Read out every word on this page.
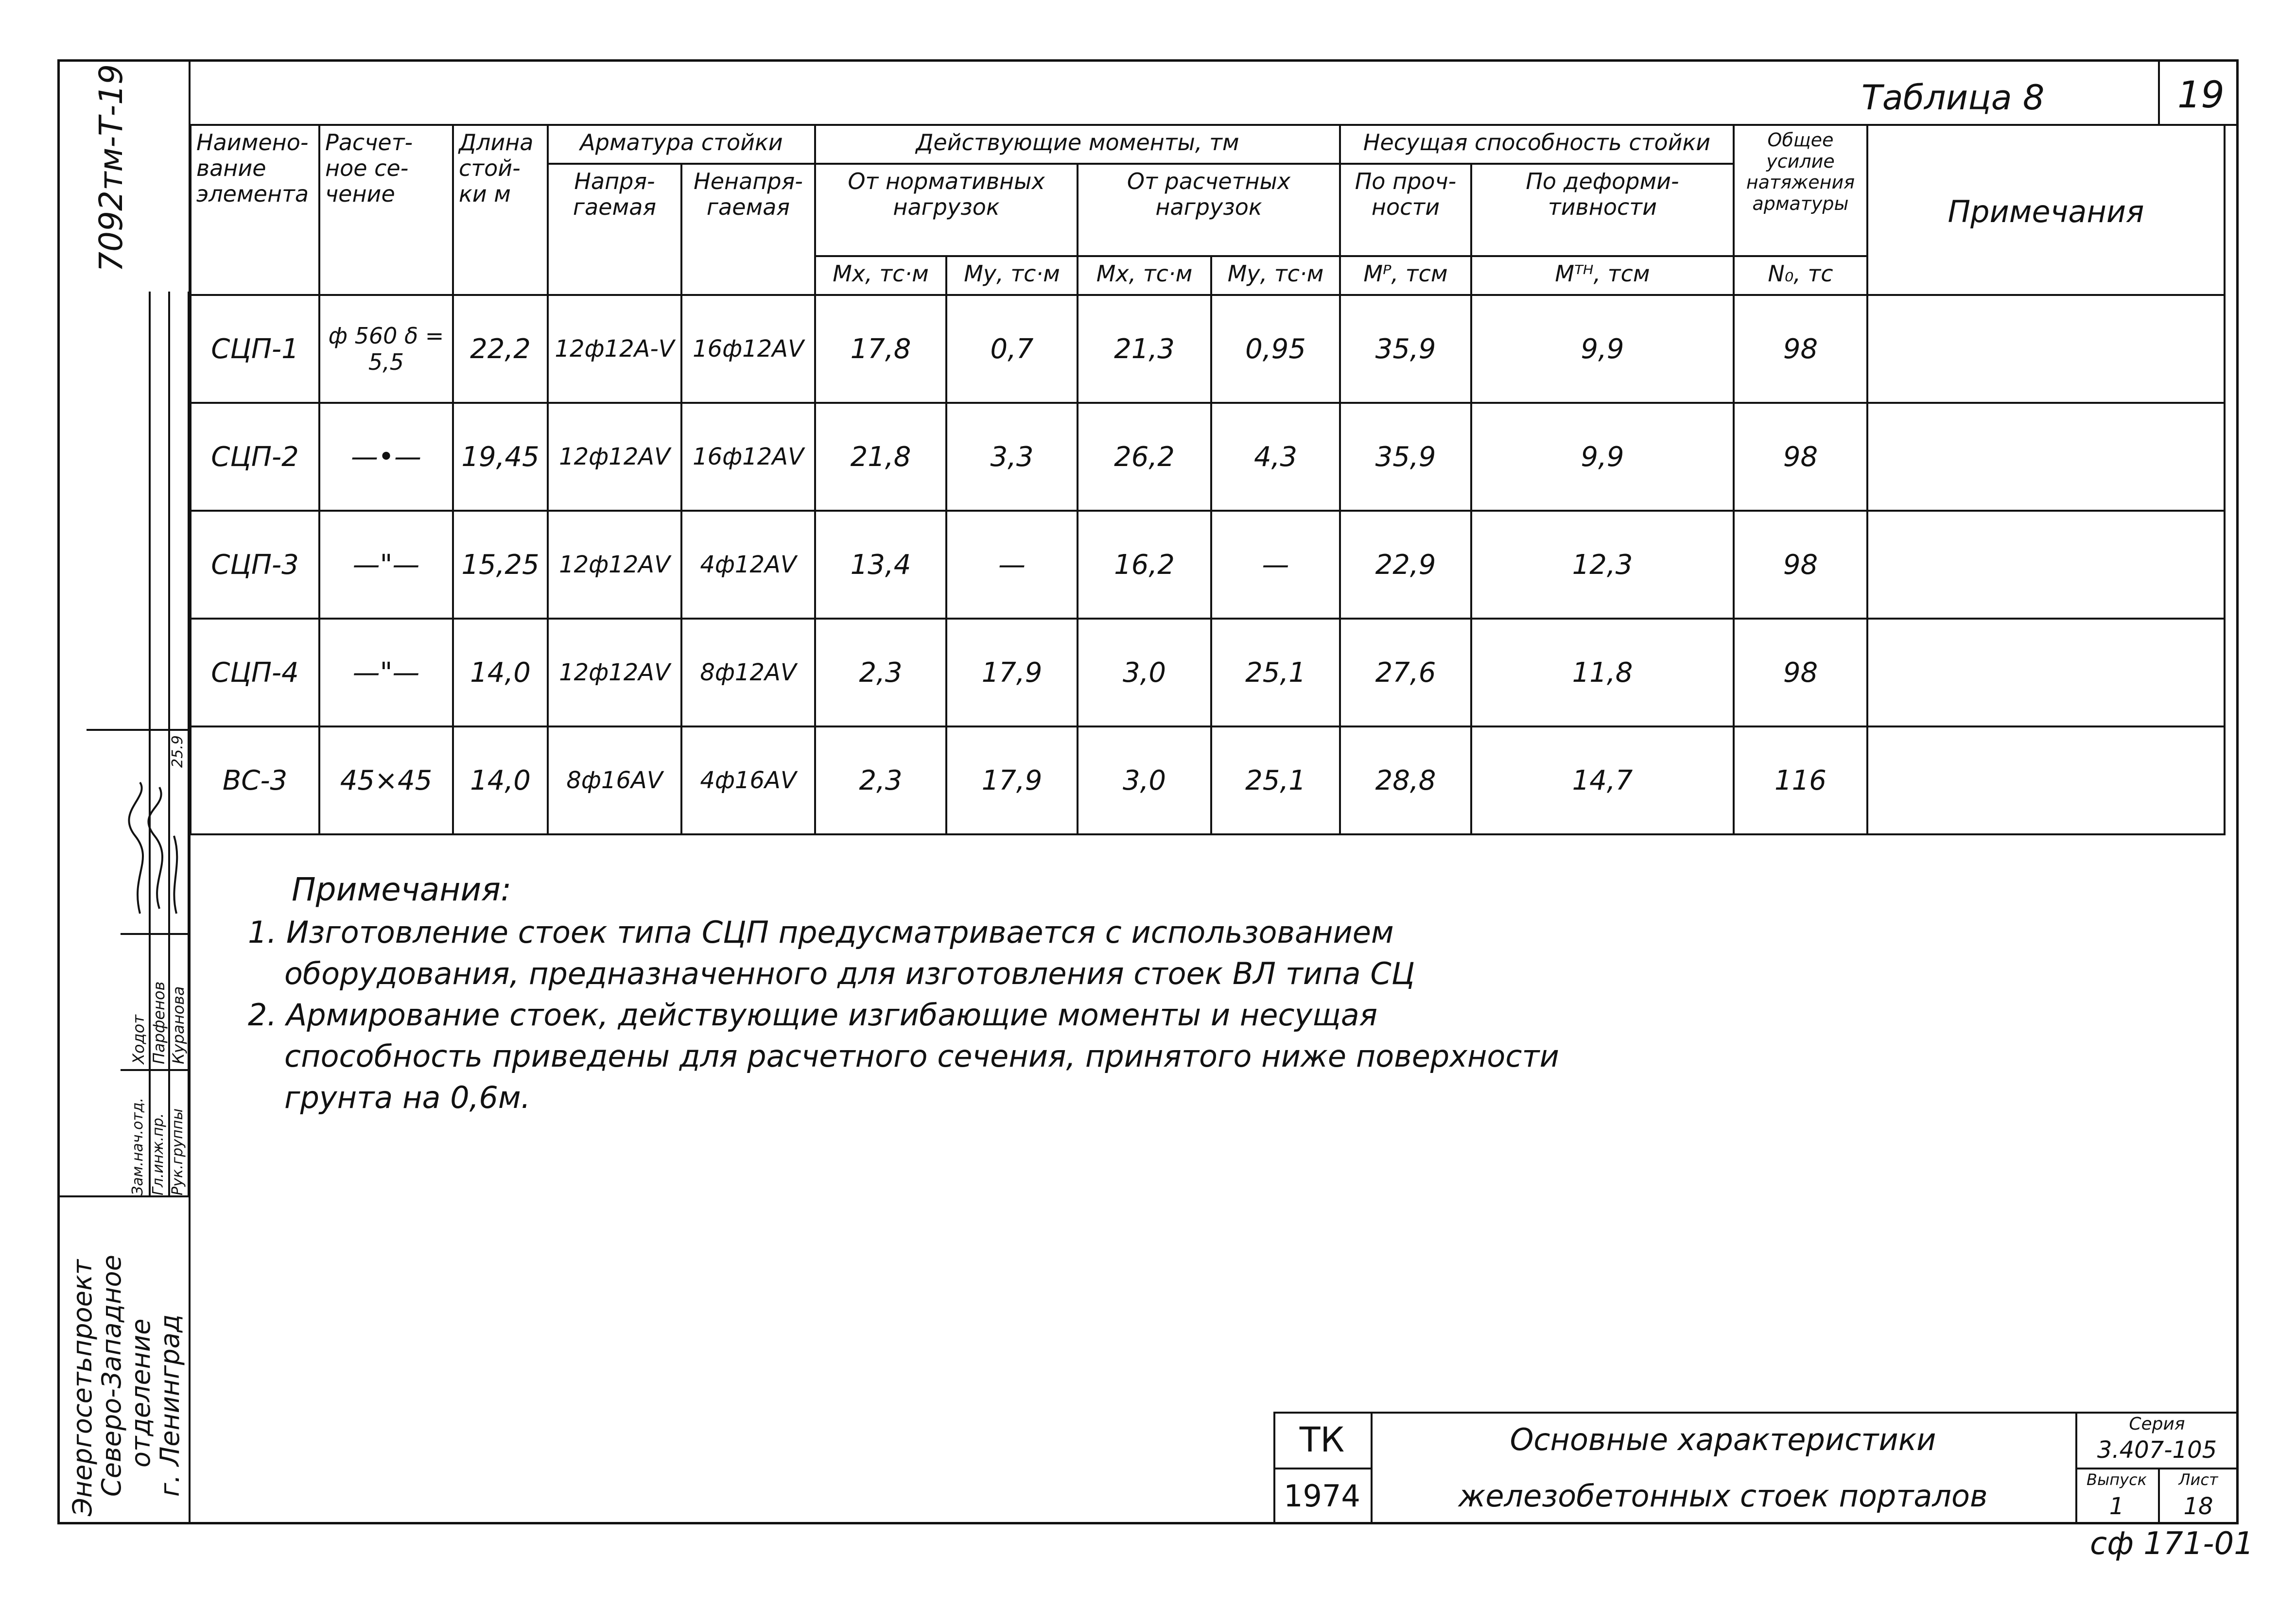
7092тм-Т-19	Таблица 8	19
Наимено-вание элемента	Расчет-ное се-чение	Длина стой-ки м	Арматура стойки		Действующие моменты, тм				Несущая способность стойки		Общее усилие натяжения арматуры	Примечания
			Напря-гаемая	Ненапря-гаемая	От нормативных нагрузок		От расчетных нагрузок		По проч-ности	По деформи-тивности		
					Мх, тс·м	Му, тс·м	Мх, тс·м	Му, тс·м	Мᴾ, тсм	Мᵀᴴ, тсм	N₀, тс	
СЦП-1	ф 560 δ = 5,5	22,2	12ф12А-Ⅴ	16ф12АⅤ	17,8	0,7	21,3	0,95	35,9	9,9	98	
СЦП-2	—•—	19,45	12ф12АⅤ	16ф12АⅤ	21,8	3,3	26,2	4,3	35,9	9,9	98	
СЦП-3	—"—	15,25	12ф12АⅤ	4ф12АⅤ	13,4	—	16,2	—	22,9	12,3	98	
СЦП-4	—"—	14,0	12ф12АⅤ	8ф12АⅤ	2,3	17,9	3,0	25,1	27,6	11,8	98	
ВС-3	45×45	14,0	8ф16АⅤ	4ф16АⅤ	2,3	17,9	3,0	25,1	28,8	14,7	116	
Примечания:
1. Изготовление стоек типа СЦП предусматривается с использованием
оборудования, предназначенного для изготовления стоек ВЛ типа СЦ
2. Армирование стоек, действующие изгибающие моменты и несущая
способность приведены для расчетного сечения, принятого ниже поверхности
грунта на 0,6м.
Зам.нач.отд. Гл.инж.пр. Рук.группы
Ходот Парфенов Куранова
25.9
Энергосетьпроект
Северо-Западное
отделение
г. Ленинград	ТК
1974
Основные характеристики
железобетонных стоек порталов
Серия
3.407-105
Выпуск
1
Лист
18
сф 171-01
